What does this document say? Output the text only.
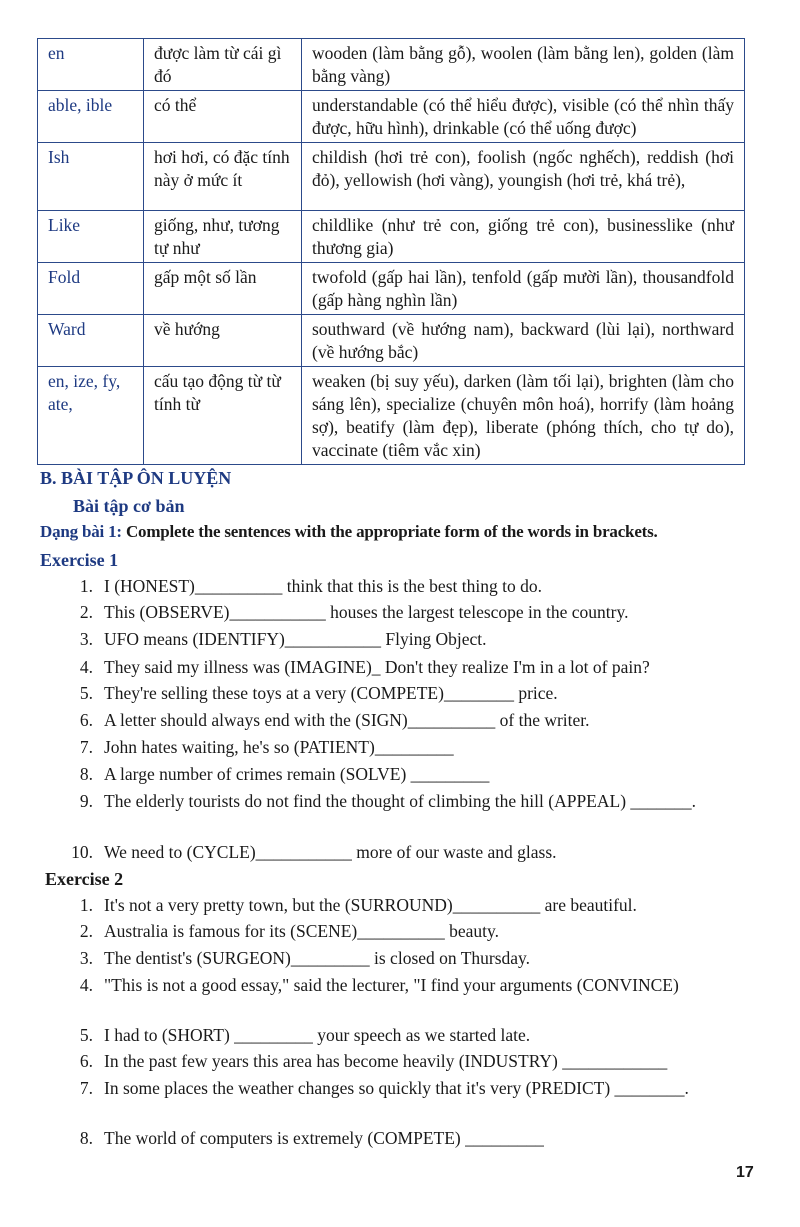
en	được làm từ cái gì đó	wooden (làm bằng gỗ), woolen (làm bằng len), golden (làm bằng vàng)
able, ible	có thể	understandable (có thể hiểu được), visible (có thể nhìn thấy được, hữu hình), drinkable (có thể uống được)
Ish	hơi hơi, có đặc tính này ở mức ít	childish (hơi trẻ con), foolish (ngốc nghếch), reddish (hơi đỏ), yellowish (hơi vàng), youngish (hơi trẻ, khá trẻ),
Like	giống, như, tương tự như	childlike (như trẻ con, giống trẻ con), businesslike (như thương gia)
Fold	gấp một số lần	twofold (gấp hai lần), tenfold (gấp mười lần), thousandfold (gấp hàng nghìn lần)
Ward	về hướng	southward (về hướng nam), backward (lùi lại), northward (về hướng bắc)
en, ize, fy, ate,	cấu tạo động từ từ tính từ	weaken (bị suy yếu), darken (làm tối lại), brighten (làm cho sáng lên), specialize (chuyên môn hoá), horrify (làm hoảng sợ), beatify (làm đẹp), liberate (phóng thích, cho tự do), vaccinate (tiêm vắc xin)
B. BÀI TẬP ÔN LUYỆN
Bài tập cơ bản
Dạng bài 1: Complete the sentences with the appropriate form of the words in brackets.
Exercise 1
Exercise 2
1. I (HONEST)__________ think that this is the best thing to do.
2. This (OBSERVE)___________ houses the largest telescope in the country.
3. UFO means (IDENTIFY)___________ Flying Object.
4. They said my illness was (IMAGINE)_ Don't they realize I'm in a lot of pain?
5. They're selling these toys at a very (COMPETE)________ price.
6. A letter should always end with the (SIGN)__________ of the writer.
7. John hates waiting, he's so (PATIENT)_________
8. A large number of crimes remain (SOLVE) _________
9. The elderly tourists do not find the thought of climbing the hill (APPEAL) _______.
10. We need to (CYCLE)___________ more of our waste and glass.
1. It's not a very pretty town, but the (SURROUND)__________ are beautiful.
2. Australia is famous for its (SCENE)__________ beauty.
3. The dentist's (SURGEON)_________ is closed on Thursday.
4. "This is not a good essay," said the lecturer, "I find your arguments (CONVINCE)
5. I had to (SHORT) _________ your speech as we started late.
6. In the past few years this area has become heavily (INDUSTRY) ____________
7. In some places the weather changes so quickly that it's very (PREDICT) ________.
8. The world of computers is extremely (COMPETE) _________
17
